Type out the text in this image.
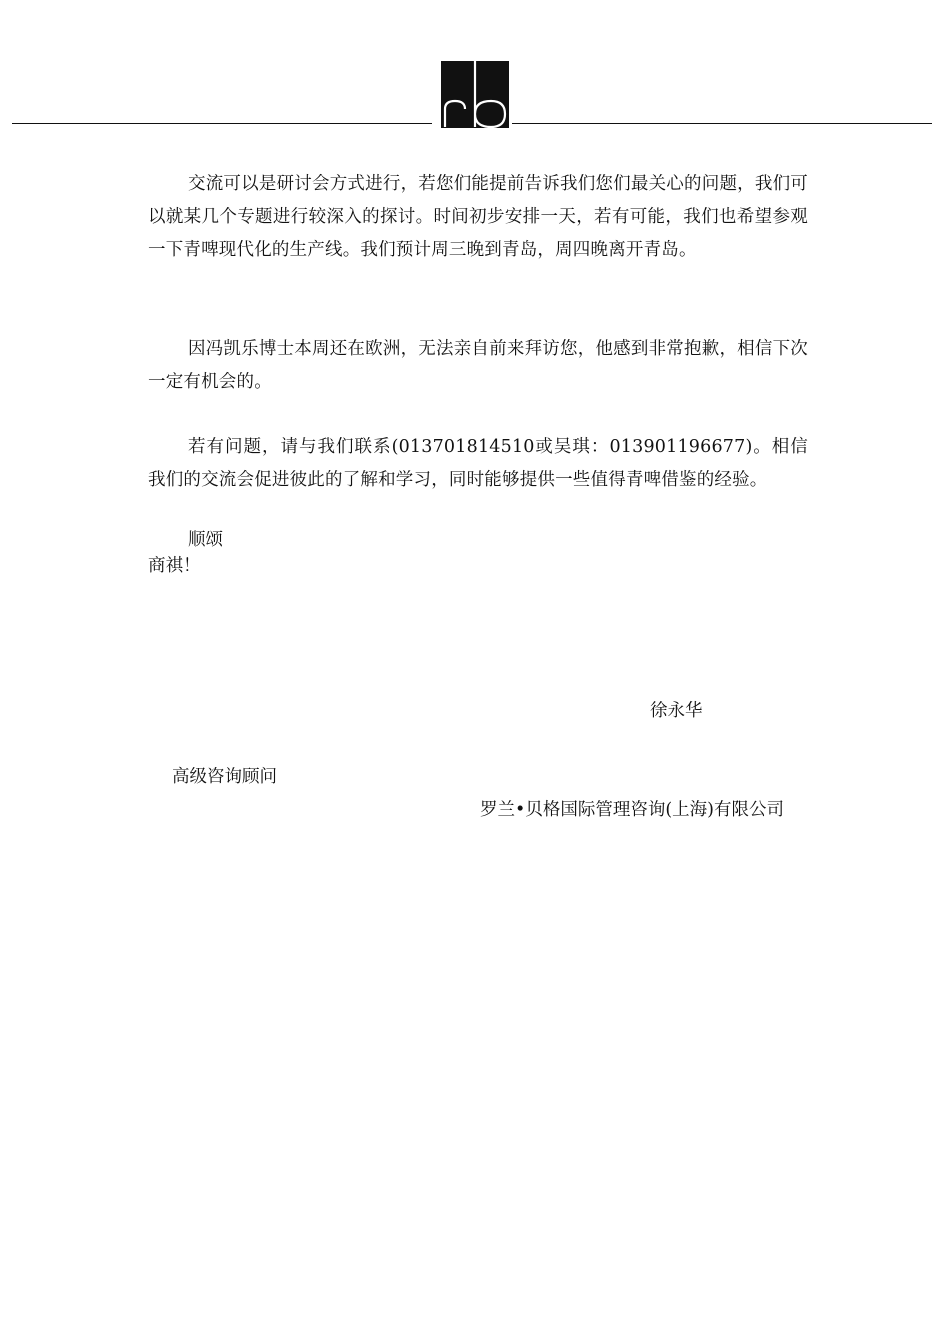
交流可以是研讨会方式进行，若您们能提前告诉我们您们最关心的问题，我们可以就某几个专题进行较深入的探讨。时间初步安排一天，若有可能，我们也希望参观一下青啤现代化的生产线。我们预计周三晚到青岛，周四晚离开青岛。
因冯凯乐博士本周还在欧洲，无法亲自前来拜访您，他感到非常抱歉，相信下次一定有机会的。
若有问题，请与我们联系(013701814510或吴琪：013901196677)。相信我们的交流会促进彼此的了解和学习，同时能够提供一些值得青啤借鉴的经验。
顺颂
商祺！
徐永华
高级咨询顾问
罗兰•贝格国际管理咨询(上海)有限公司
